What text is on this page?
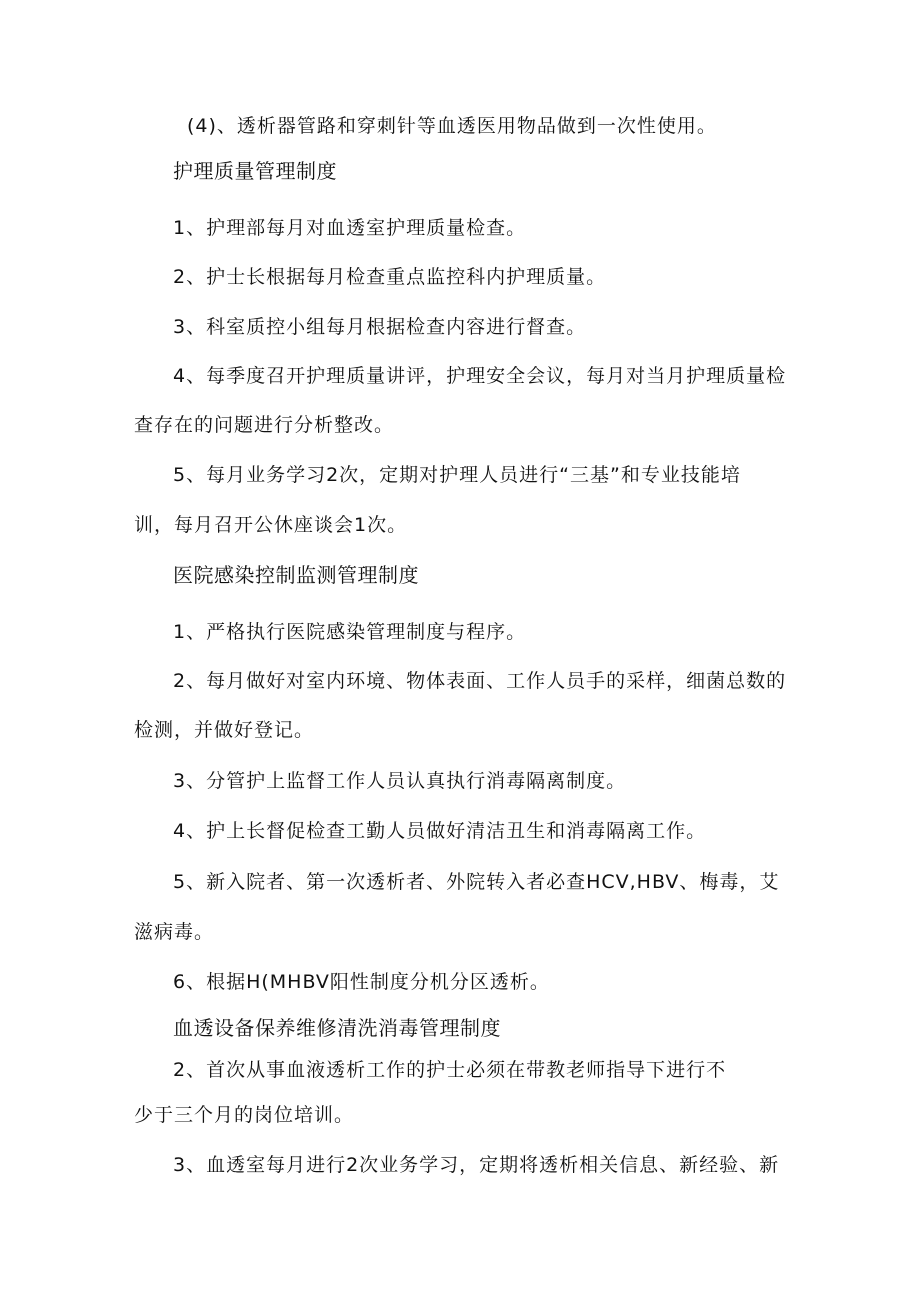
(4)、透析器管路和穿刺针等血透医用物品做到一次性使用。
护理质量管理制度
1、护理部每月对血透室护理质量检查。
2、护士长根据每月检查重点监控科内护理质量。
3、科室质控小组每月根据检查内容进行督查。
4、每季度召开护理质量讲评，护理安全会议，每月对当月护理质量检
查存在的问题进行分析整改。
5、每月业务学习2次，定期对护理人员进行“三基”和专业技能培
训，每月召开公休座谈会1次。
医院感染控制监测管理制度
1、严格执行医院感染管理制度与程序。
2、每月做好对室内环境、物体表面、工作人员手的采样，细菌总数的
检测，并做好登记。
3、分管护上监督工作人员认真执行消毒隔离制度。
4、护上长督促检查工勤人员做好清洁丑生和消毒隔离工作。
5、新入院者、第一次透析者、外院转入者必查HCV,HBV、梅毒，艾
滋病毒。
6、根据H(MHBV阳性制度分机分区透析。
血透设备保养维修清洗消毒管理制度
2、首次从事血液透析工作的护士必须在带教老师指导下进行不
少于三个月的岗位培训。
3、血透室每月进行2次业务学习，定期将透析相关信息、新经验、新
